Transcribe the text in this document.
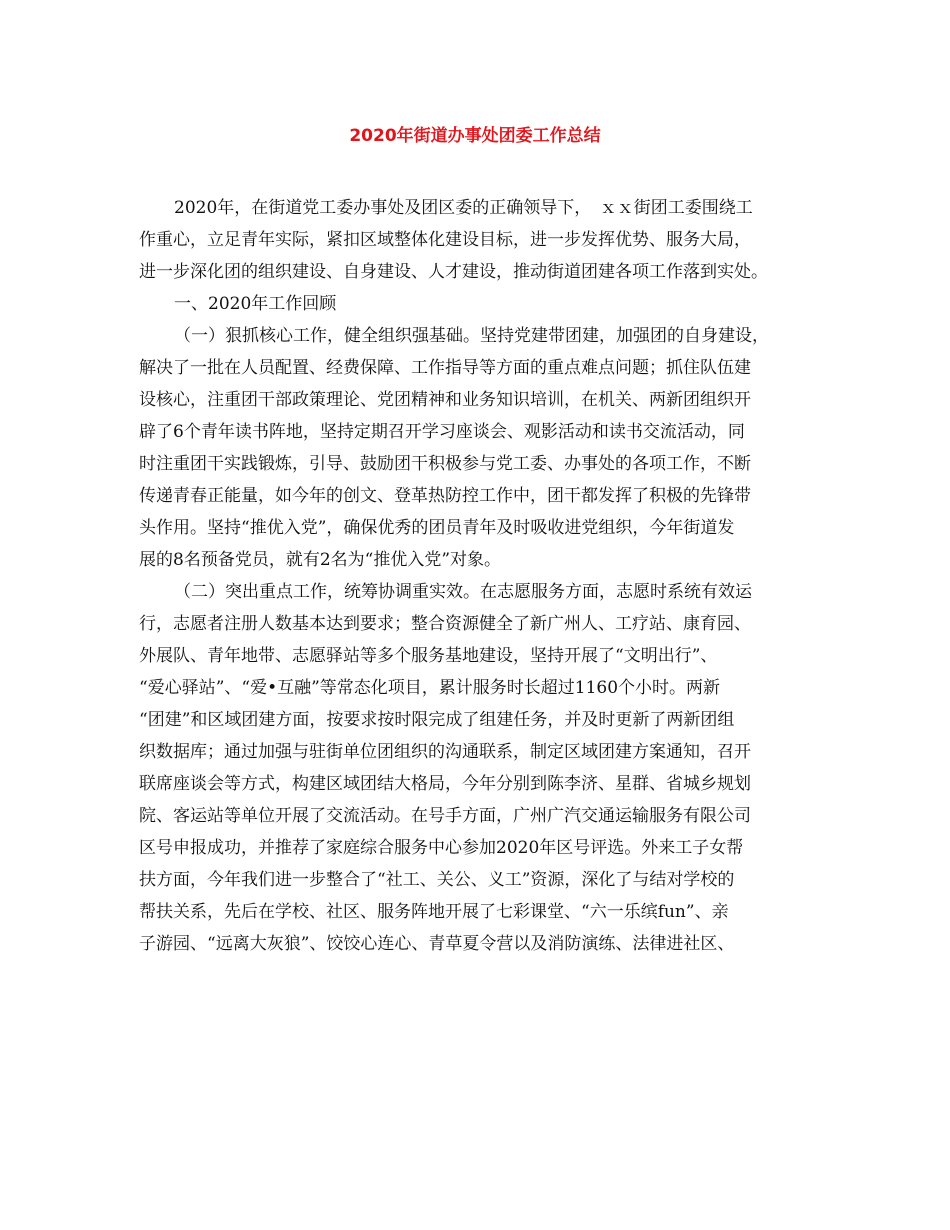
2020年街道办事处团委工作总结
2020年，在街道党工委办事处及团区委的正确领导下，　ｘｘ街团工委围绕工
作重心，立足青年实际，紧扣区域整体化建设目标，进一步发挥优势、服务大局，
进一步深化团的组织建设、自身建设、人才建设，推动街道团建各项工作落到实处。
一、2020年工作回顾
（一）狠抓核心工作，健全组织强基础。坚持党建带团建，加强团的自身建设，
解决了一批在人员配置、经费保障、工作指导等方面的重点难点问题；抓住队伍建
设核心，注重团干部政策理论、党团精神和业务知识培训，在机关、两新团组织开
辟了6个青年读书阵地，坚持定期召开学习座谈会、观影活动和读书交流活动，同
时注重团干实践锻炼，引导、鼓励团干积极参与党工委、办事处的各项工作，不断
传递青春正能量，如今年的创文、登革热防控工作中，团干都发挥了积极的先锋带
头作用。坚持“推优入党”，确保优秀的团员青年及时吸收进党组织，今年街道发
展的8名预备党员，就有2名为“推优入党”对象。
（二）突出重点工作，统筹协调重实效。在志愿服务方面，志愿时系统有效运
行，志愿者注册人数基本达到要求；整合资源健全了新广州人、工疗站、康育园、
外展队、青年地带、志愿驿站等多个服务基地建设，坚持开展了“文明出行”、
“爱心驿站”、“爱•互融”等常态化项目，累计服务时长超过1160个小时。两新
“团建”和区域团建方面，按要求按时限完成了组建任务，并及时更新了两新团组
织数据库；通过加强与驻街单位团组织的沟通联系，制定区域团建方案通知，召开
联席座谈会等方式，构建区域团结大格局，今年分别到陈李济、星群、省城乡规划
院、客运站等单位开展了交流活动。在号手方面，广州广汽交通运输服务有限公司
区号申报成功，并推荐了家庭综合服务中心参加2020年区号评选。外来工子女帮
扶方面，今年我们进一步整合了“社工、关公、义工”资源，深化了与结对学校的
帮扶关系，先后在学校、社区、服务阵地开展了七彩课堂、“六一乐缤fun”、亲
子游园、“远离大灰狼”、饺饺心连心、青草夏令营以及消防演练、法律进社区、
